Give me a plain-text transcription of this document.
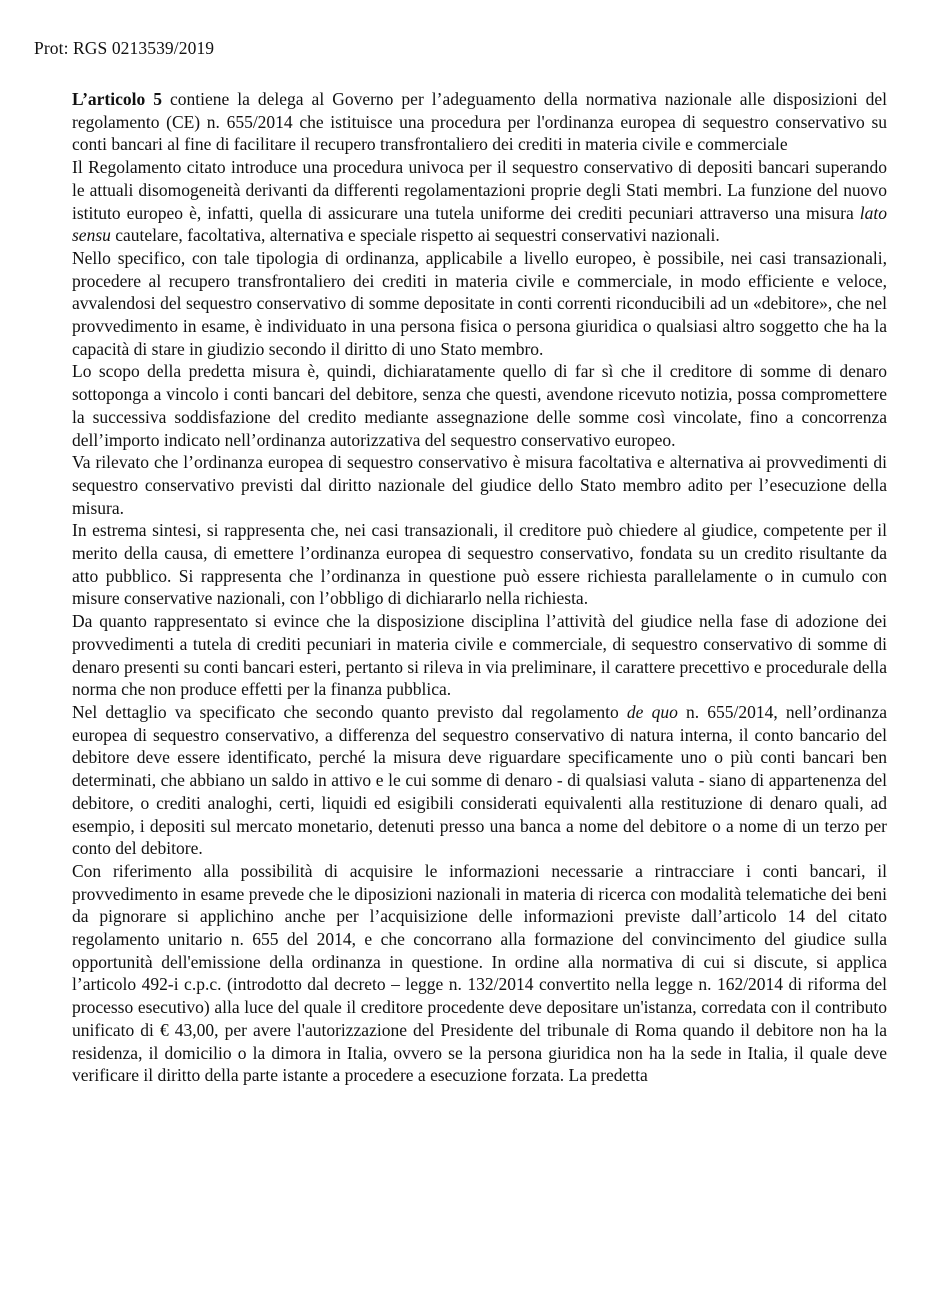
Prot: RGS 0213539/2019

L’articolo 5 contiene la delega al Governo per l’adeguamento della normativa nazionale alle disposizioni del regolamento (CE) n. 655/2014 che istituisce una procedura per l'ordinanza europea di sequestro conservativo su conti bancari al fine di facilitare il recupero transfrontaliero dei crediti in materia civile e commerciale

Il Regolamento citato introduce una procedura univoca per il sequestro conservativo di depositi bancari superando le attuali disomogeneità derivanti da differenti regolamentazioni proprie degli Stati membri. La funzione del nuovo istituto europeo è, infatti, quella di assicurare una tutela uniforme dei crediti pecuniari attraverso una misura lato sensu cautelare, facoltativa, alternativa e speciale rispetto ai sequestri conservativi nazionali.

Nello specifico, con tale tipologia di ordinanza, applicabile a livello europeo, è possibile, nei casi transazionali, procedere al recupero transfrontaliero dei crediti in materia civile e commerciale, in modo efficiente e veloce, avvalendosi del sequestro conservativo di somme depositate in conti correnti riconducibili ad un «debitore», che nel provvedimento in esame, è individuato in una persona fisica o persona giuridica o qualsiasi altro soggetto che ha la capacità di stare in giudizio secondo il diritto di uno Stato membro.

Lo scopo della predetta misura è, quindi, dichiaratamente quello di far sì che il creditore di somme di denaro sottoponga a vincolo i conti bancari del debitore, senza che questi, avendone ricevuto notizia, possa compromettere la successiva soddisfazione del credito mediante assegnazione delle somme così vincolate, fino a concorrenza dell’importo indicato nell’ordinanza autorizzativa del sequestro conservativo europeo.

Va rilevato che l’ordinanza europea di sequestro conservativo è misura facoltativa e alternativa ai provvedimenti di sequestro conservativo previsti dal diritto nazionale del giudice dello Stato membro adito per l’esecuzione della misura.

In estrema sintesi, si rappresenta che, nei casi transazionali, il creditore può chiedere al giudice, competente per il merito della causa, di emettere l’ordinanza europea di sequestro conservativo, fondata su un credito risultante da atto pubblico. Si rappresenta che l’ordinanza in questione può essere richiesta parallelamente o in cumulo con misure conservative nazionali, con l’obbligo di dichiararlo nella richiesta.

Da quanto rappresentato si evince che la disposizione disciplina l’attività del giudice nella fase di adozione dei provvedimenti a tutela di crediti pecuniari in materia civile e commerciale, di sequestro conservativo di somme di denaro presenti su conti bancari esteri, pertanto si rileva in via preliminare, il carattere precettivo e procedurale della norma che non produce effetti per la finanza pubblica.

Nel dettaglio va specificato che secondo quanto previsto dal regolamento de quo n. 655/2014, nell’ordinanza europea di sequestro conservativo, a differenza del sequestro conservativo di natura interna, il conto bancario del debitore deve essere identificato, perché la misura deve riguardare specificamente uno o più conti bancari ben determinati, che abbiano un saldo in attivo e le cui somme di denaro - di qualsiasi valuta - siano di appartenenza del debitore, o crediti analoghi, certi, liquidi ed esigibili considerati equivalenti alla restituzione di denaro quali, ad esempio, i depositi sul mercato monetario, detenuti presso una banca a nome del debitore o a nome di un terzo per conto del debitore.

Con riferimento alla possibilità di acquisire le informazioni necessarie a rintracciare i conti bancari, il provvedimento in esame prevede che le diposizioni nazionali in materia di ricerca con modalità telematiche dei beni da pignorare si applichino anche per l’acquisizione delle informazioni previste dall’articolo 14 del citato regolamento unitario n. 655 del 2014, e che concorrano alla formazione del convincimento del giudice sulla opportunità dell'emissione della ordinanza in questione. In ordine alla normativa di cui si discute, si applica l’articolo 492-i c.p.c. (introdotto dal decreto – legge n. 132/2014 convertito nella legge n. 162/2014 di riforma del processo esecutivo) alla luce del quale il creditore procedente deve depositare un'istanza, corredata con il contributo unificato di € 43,00, per avere l'autorizzazione del Presidente del tribunale di Roma quando il debitore non ha la residenza, il domicilio o la dimora in Italia, ovvero se la persona giuridica non ha la sede in Italia, il quale deve verificare il diritto della parte istante a procedere a esecuzione forzata. La predetta
